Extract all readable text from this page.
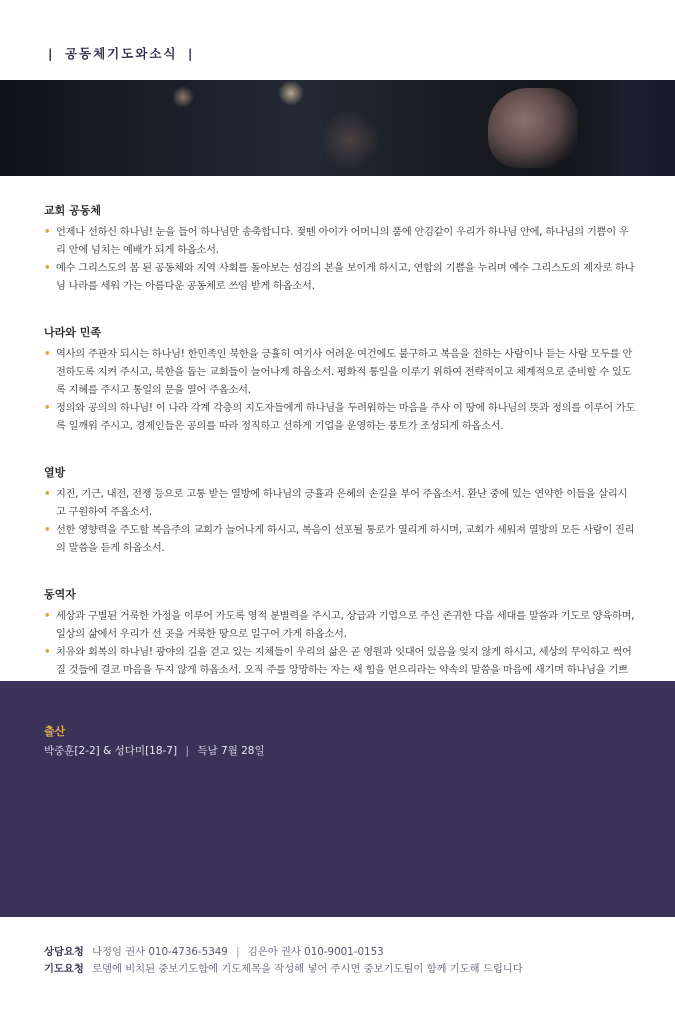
| 공동체기도와소식 |
교회 공동체
• 언제나 선하신 하나님! 눈을 들어 하나님만 송축합니다. 젖뗀 아이가 어머니의 품에 안김같이 우리가 하나님 안에, 하나님의 기쁨이 우리 안에 넘치는 예배가 되게 하옵소서.
• 예수 그리스도의 몸 된 공동체와 지역 사회를 돌아보는 섬김의 본을 보이게 하시고, 연합의 기쁨을 누리며 예수 그리스도의 제자로 하나님 나라를 세워 가는 아름다운 공동체로 쓰임 받게 하옵소서.
나라와 민족
• 역사의 주관자 되시는 하나님! 한민족인 북한을 긍휼히 여기사 어려운 여건에도 불구하고 복음을 전하는 사람이나 듣는 사람 모두를 안전하도록 지켜 주시고, 북한을 돕는 교회들이 늘어나게 하옵소서. 평화적 통일을 이루기 위하여 전략적이고 체계적으로 준비할 수 있도록 지혜를 주시고 통일의 문을 열어 주옵소서.
• 정의와 공의의 하나님! 이 나라 각계 각층의 지도자들에게 하나님을 두려워하는 마음을 주사 이 땅에 하나님의 뜻과 정의를 이루어 가도록 일깨워 주시고, 경제인들은 공의를 따라 정직하고 선하게 기업을 운영하는 풍토가 조성되게 하옵소서.
열방
• 지진, 기근, 내전, 전쟁 등으로 고통 받는 열방에 하나님의 긍휼과 은혜의 손길을 부어 주옵소서. 환난 중에 있는 연약한 이들을 살리시고 구원하여 주옵소서.
• 선한 영향력을 주도할 복음주의 교회가 늘어나게 하시고, 복음이 선포될 통로가 열리게 하시며, 교회가 세워져 열방의 모든 사람이 진리의 말씀을 듣게 하옵소서.
동역자
• 세상과 구별된 거룩한 가정을 이루어 가도록 영적 분별력을 주시고, 상급과 기업으로 주신 존귀한 다음 세대를 말씀과 기도로 양육하며, 일상의 삶에서 우리가 선 곳을 거룩한 땅으로 일구어 가게 하옵소서.
• 치유와 회복의 하나님! 광야의 길을 걷고 있는 지체들이 우리의 삶은 곧 영원과 잇대어 있음을 잊지 않게 하시고, 세상의 무익하고 썩어질 것들에 결코 마음을 두지 않게 하옵소서. 오직 주를 앙망하는 자는 새 힘을 얻으리라는 약속의 말씀을 마음에 새기며 하나님을 기쁘
출산
박중훈[2-2] & 성다미[18-7] | 득남 7월 28일
상담요청 나정임 권사 010-4736-5349 | 김은아 권사 010-9001-0153
기도요청 로뎀에 비치된 중보기도함에 기도제목을 작성해 넣어 주시면 중보기도팀이 함께 기도해 드립니다
